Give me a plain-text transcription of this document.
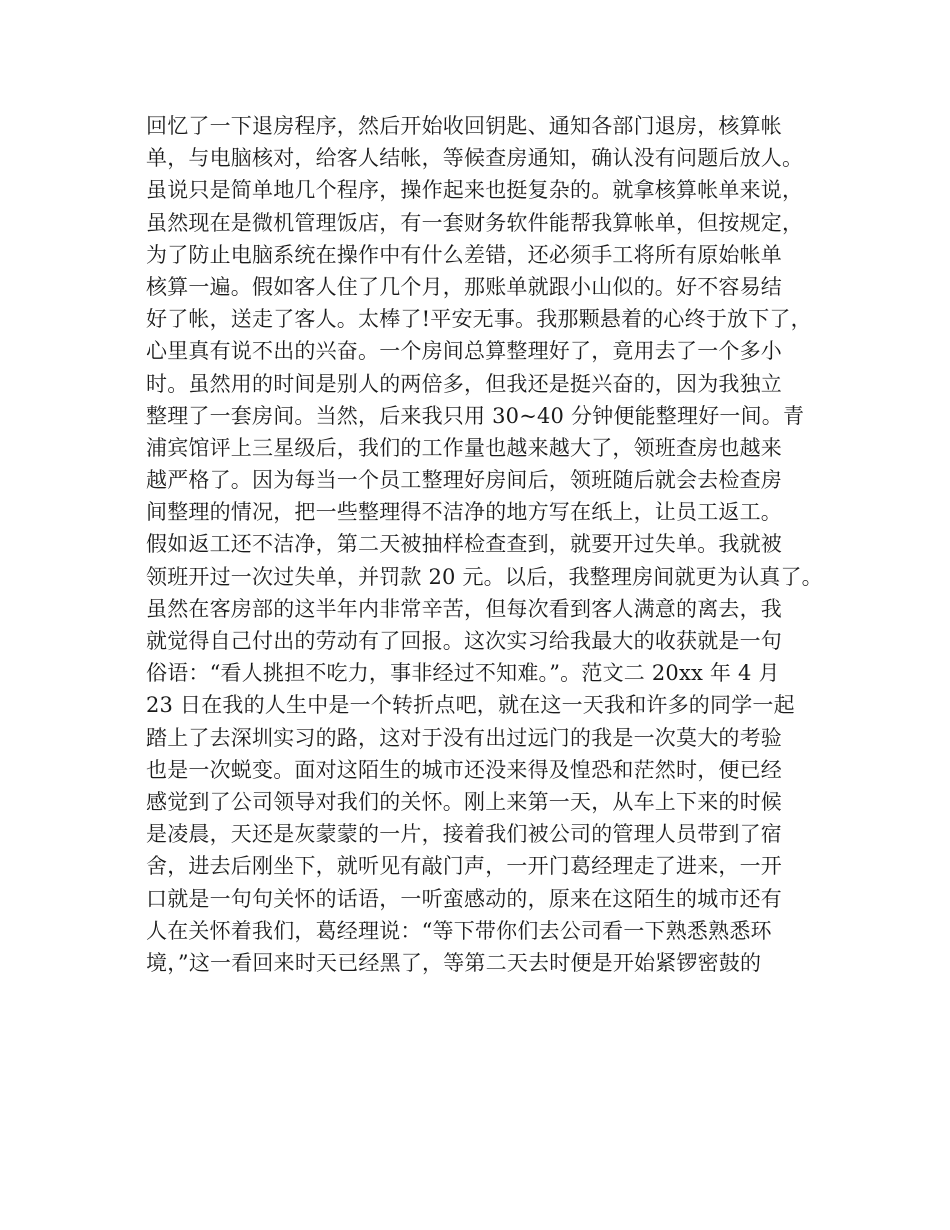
回忆了一下退房程序，然后开始收回钥匙、通知各部门退房，核算帐
单，与电脑核对，给客人结帐，等候查房通知，确认没有问题后放人。
虽说只是简单地几个程序，操作起来也挺复杂的。就拿核算帐单来说，
虽然现在是微机管理饭店，有一套财务软件能帮我算帐单，但按规定，
为了防止电脑系统在操作中有什么差错，还必须手工将所有原始帐单
核算一遍。假如客人住了几个月，那账单就跟小山似的。好不容易结
好了帐，送走了客人。太棒了!平安无事。我那颗悬着的心终于放下了，
心里真有说不出的兴奋。一个房间总算整理好了，竟用去了一个多小
时。虽然用的时间是别人的两倍多，但我还是挺兴奋的，因为我独立
整理了一套房间。当然，后来我只用 30~40 分钟便能整理好一间。青
浦宾馆评上三星级后，我们的工作量也越来越大了，领班查房也越来
越严格了。因为每当一个员工整理好房间后，领班随后就会去检查房
间整理的情况，把一些整理得不洁净的地方写在纸上，让员工返工。
假如返工还不洁净，第二天被抽样检查查到，就要开过失单。我就被
领班开过一次过失单，并罚款 20 元。以后，我整理房间就更为认真了。
虽然在客房部的这半年内非常辛苦，但每次看到客人满意的离去，我
就觉得自己付出的劳动有了回报。这次实习给我最大的收获就是一句
俗语：“看人挑担不吃力，事非经过不知难。”。范文二 20xx 年 4 月
23 日在我的人生中是一个转折点吧，就在这一天我和许多的同学一起
踏上了去深圳实习的路，这对于没有出过远门的我是一次莫大的考验
也是一次蜕变。面对这陌生的城市还没来得及惶恐和茫然时，便已经
感觉到了公司领导对我们的关怀。刚上来第一天，从车上下来的时候
是凌晨，天还是灰蒙蒙的一片，接着我们被公司的管理人员带到了宿
舍，进去后刚坐下，就听见有敲门声，一开门葛经理走了进来，一开
口就是一句句关怀的话语，一听蛮感动的，原来在这陌生的城市还有
人在关怀着我们，葛经理说：“等下带你们去公司看一下熟悉熟悉环
境，”这一看回来时天已经黑了，等第二天去时便是开始紧锣密鼓的
